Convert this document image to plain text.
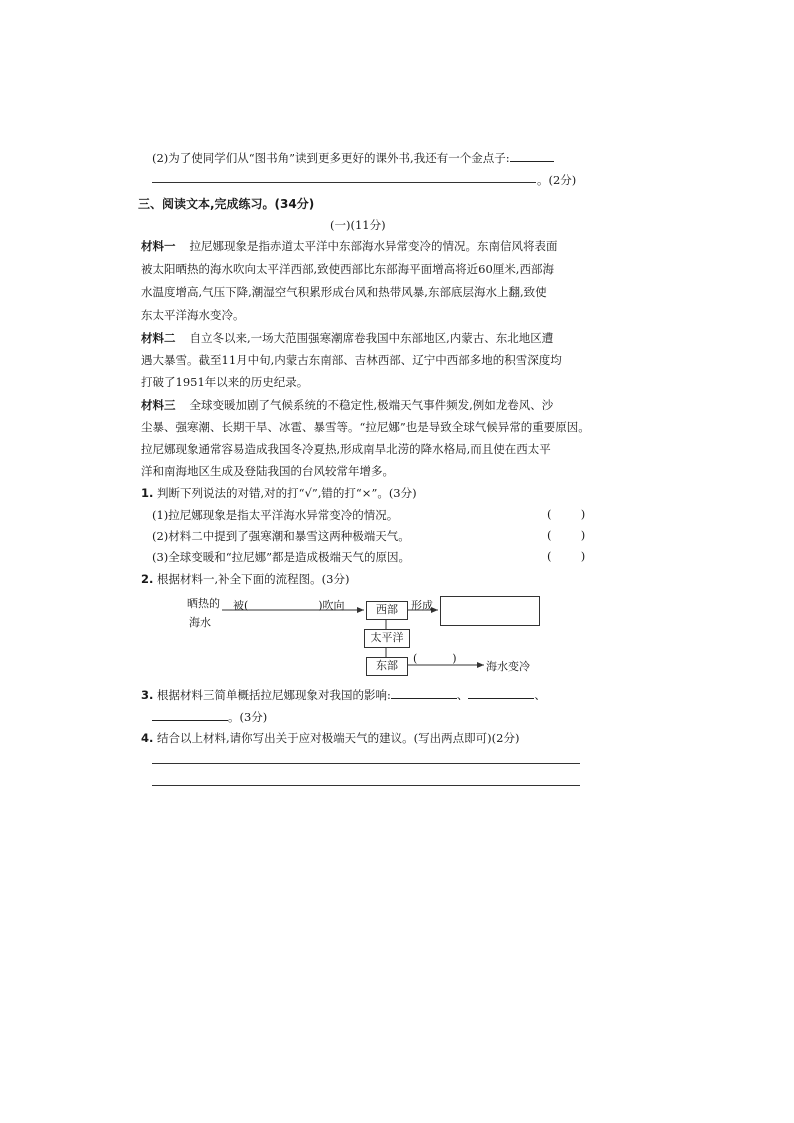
(2)为了使同学们从“图书角”读到更多更好的课外书,我还有一个金点子:
。(2分)
三、阅读文本,完成练习。(34分)
(一)(11分)
材料一 拉尼娜现象是指赤道太平洋中东部海水异常变冷的情况。东南信风将表面
被太阳晒热的海水吹向太平洋西部,致使西部比东部海平面增高将近60厘米,西部海
水温度增高,气压下降,潮湿空气积累形成台风和热带风暴,东部底层海水上翻,致使
东太平洋海水变冷。
材料二 自立冬以来,一场大范围强寒潮席卷我国中东部地区,内蒙古、东北地区遭
遇大暴雪。截至11月中旬,内蒙古东南部、吉林西部、辽宁中西部多地的积雪深度均
打破了1951年以来的历史纪录。
材料三 全球变暖加剧了气候系统的不稳定性,极端天气事件频发,例如龙卷风、沙
尘暴、强寒潮、长期干旱、冰雹、暴雪等。“拉尼娜”也是导致全球气候异常的重要原因。
拉尼娜现象通常容易造成我国冬冷夏热,形成南旱北涝的降水格局,而且使在西太平
洋和南海地区生成及登陆我国的台风较常年增多。
1. 判断下列说法的对错,对的打“√”,错的打“×”。(3分)
(1)拉尼娜现象是指太平洋海水异常变冷的情况。	(        )
(2)材料二中提到了强寒潮和暴雪这两种极端天气。	(        )
(3)全球变暖和“拉尼娜”都是造成极端天气的原因。	(        )
2. 根据材料一,补全下面的流程图。(3分)
晒热的
海水
被(                    )吹向	西部	形成
太平洋
东部
(          )
海水变冷
3. 根据材料三简单概括拉尼娜现象对我国的影响:	、	、
。(3分)
4. 结合以上材料,请你写出关于应对极端天气的建议。(写出两点即可)(2分)
